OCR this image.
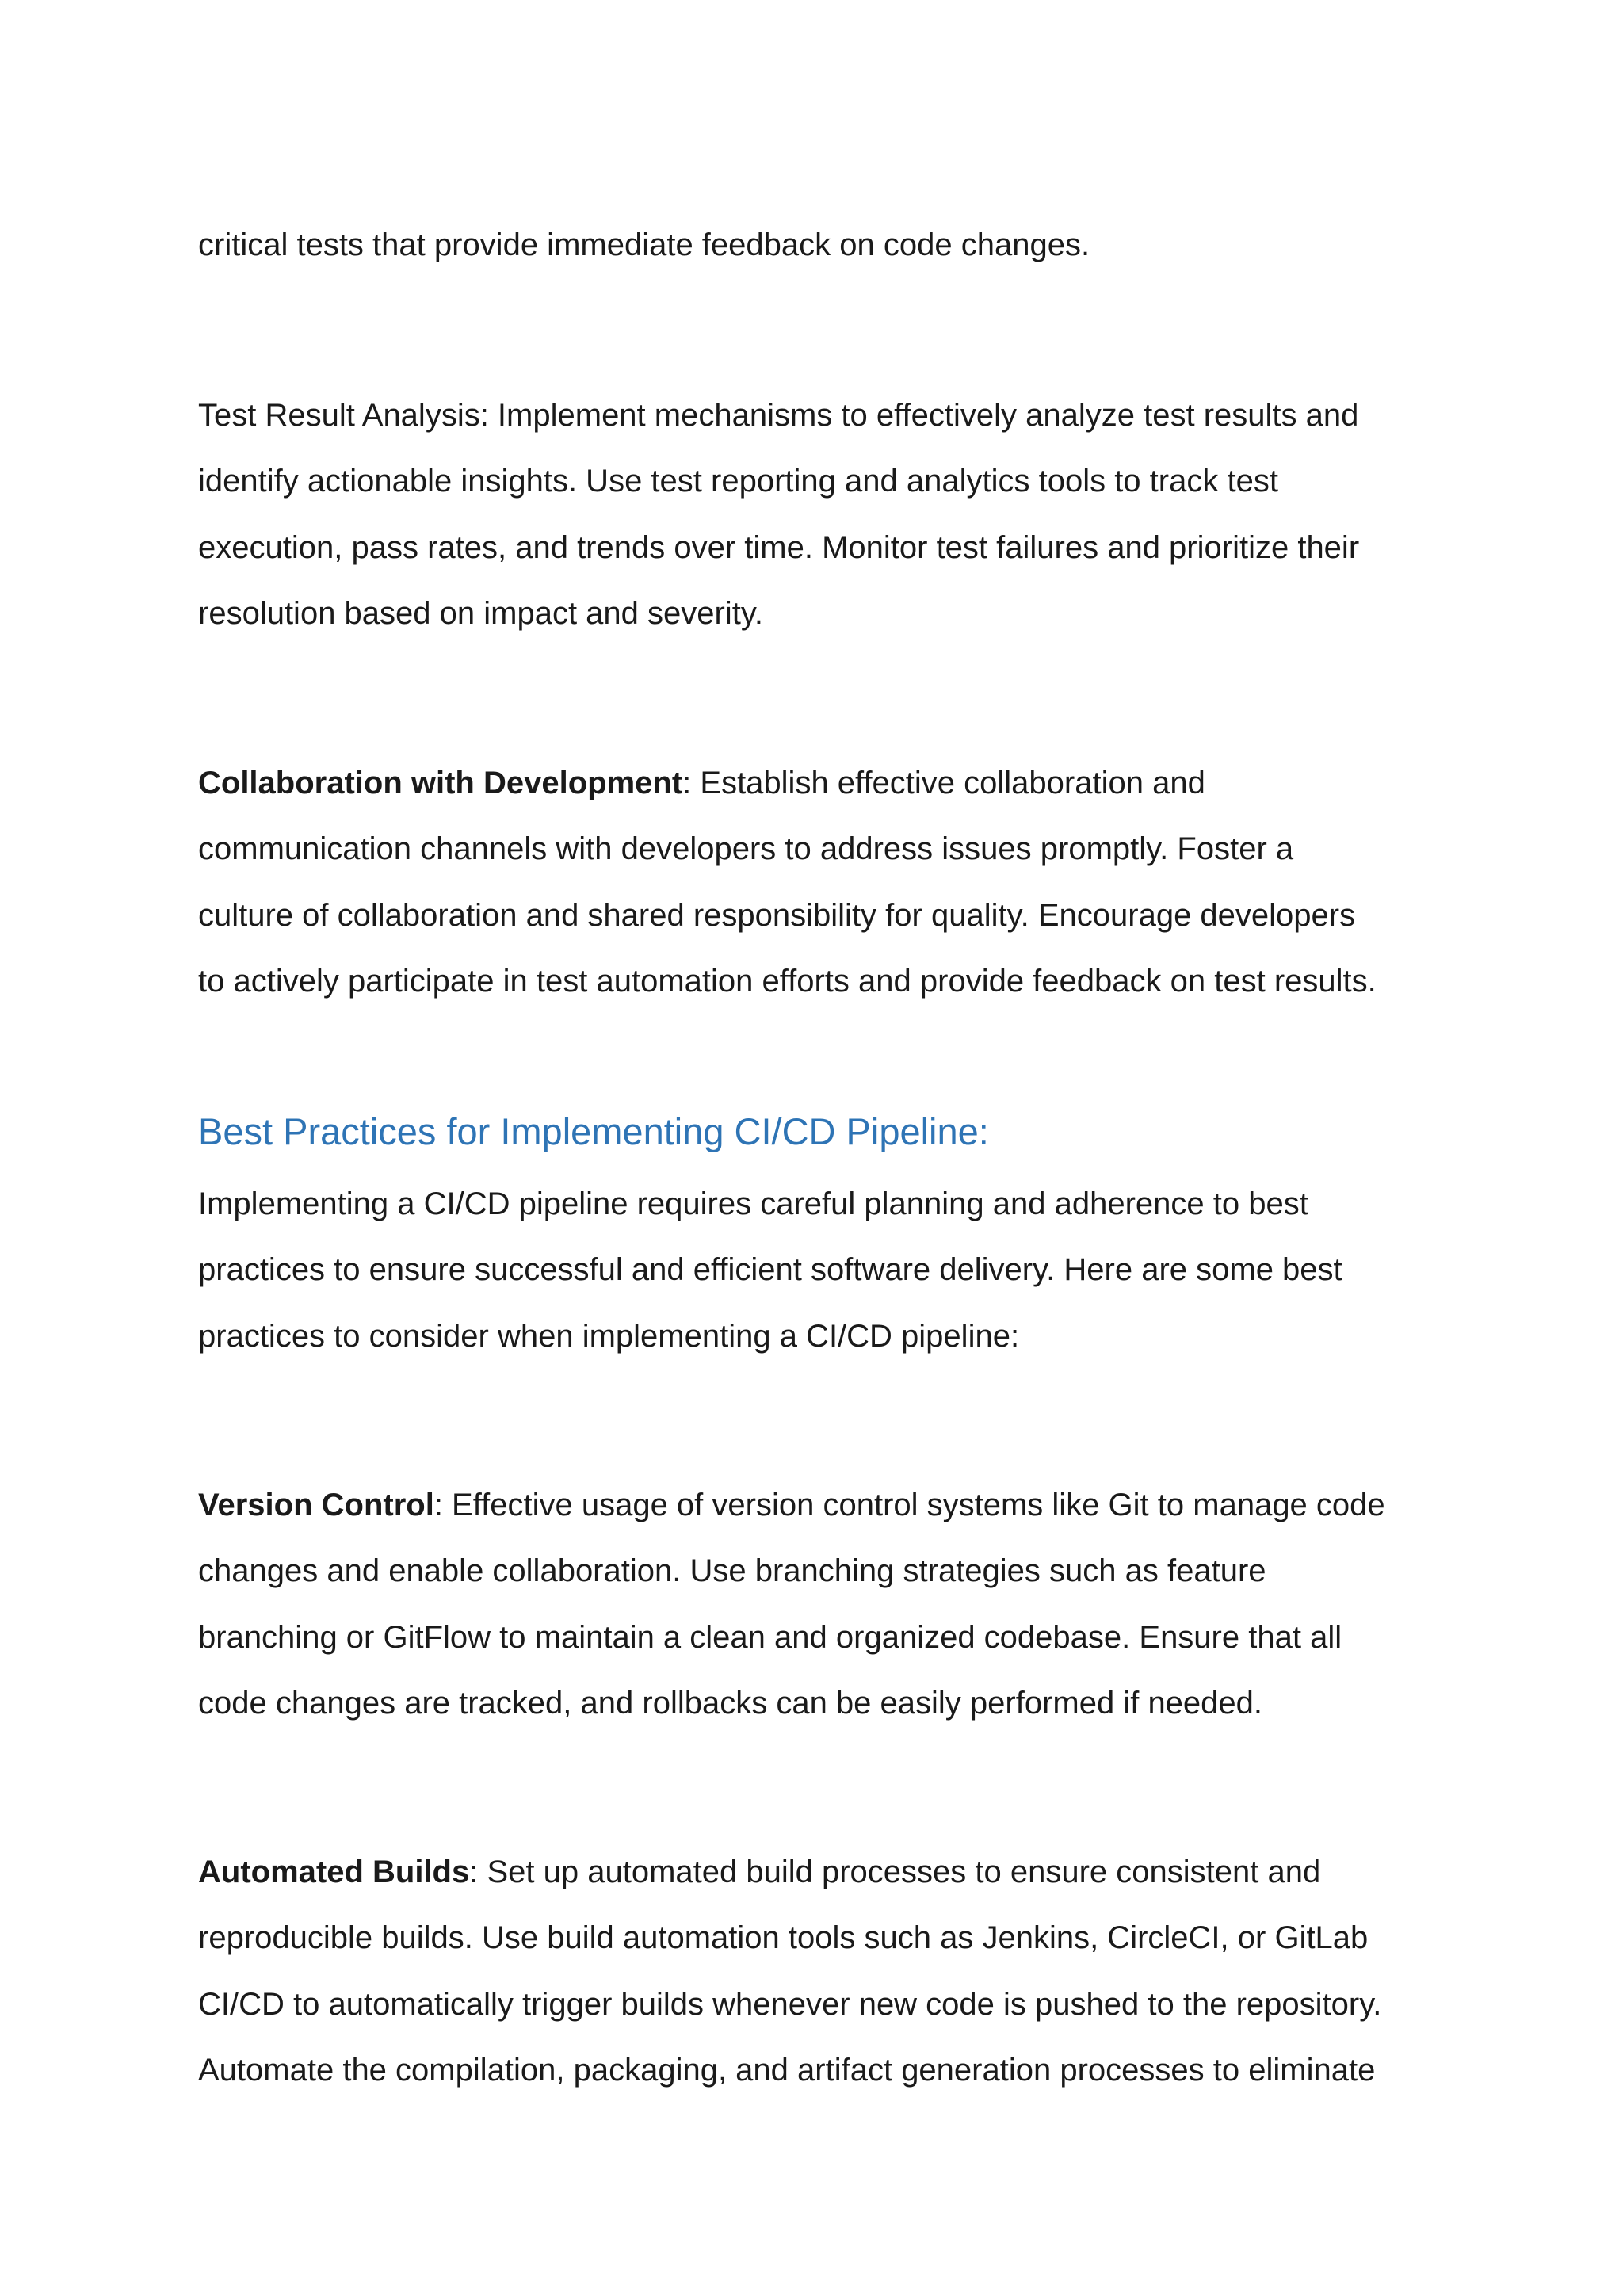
critical tests that provide immediate feedback on code changes.

Test Result Analysis: Implement mechanisms to effectively analyze test results and
identify actionable insights. Use test reporting and analytics tools to track test
execution, pass rates, and trends over time. Monitor test failures and prioritize their
resolution based on impact and severity.

Collaboration with Development: Establish effective collaboration and
communication channels with developers to address issues promptly. Foster a
culture of collaboration and shared responsibility for quality. Encourage developers
to actively participate in test automation efforts and provide feedback on test results.

Best Practices for Implementing CI/CD Pipeline:

Implementing a CI/CD pipeline requires careful planning and adherence to best
practices to ensure successful and efficient software delivery. Here are some best
practices to consider when implementing a CI/CD pipeline:

Version Control: Effective usage of version control systems like Git to manage code
changes and enable collaboration. Use branching strategies such as feature
branching or GitFlow to maintain a clean and organized codebase. Ensure that all
code changes are tracked, and rollbacks can be easily performed if needed.

Automated Builds: Set up automated build processes to ensure consistent and
reproducible builds. Use build automation tools such as Jenkins, CircleCI, or GitLab
CI/CD to automatically trigger builds whenever new code is pushed to the repository.
Automate the compilation, packaging, and artifact generation processes to eliminate
